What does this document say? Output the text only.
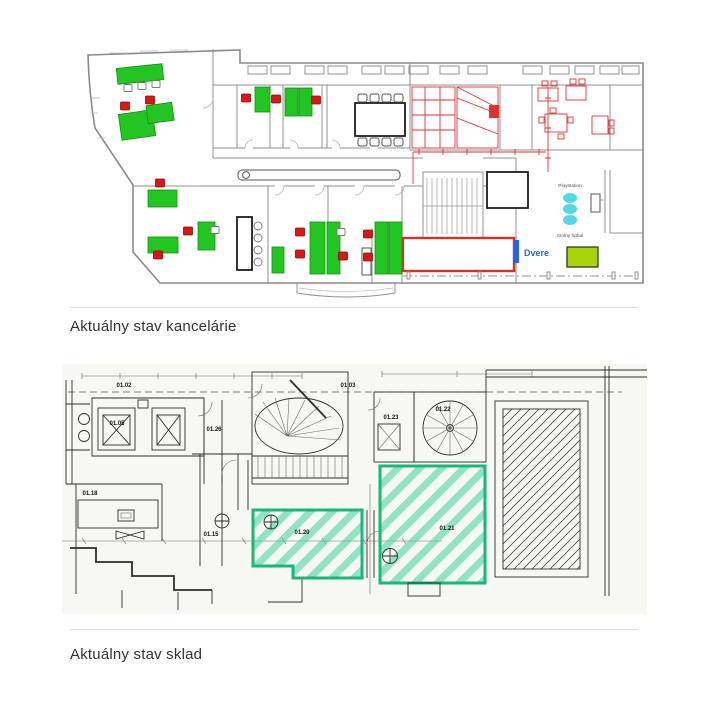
Playstation
Stolny futbal
Dvere
Aktuálny stav kancelárie
01.02
01.05
01.26
01.03
01.22
01.23
01.18
01.15	01.20
01.21
Aktuálny stav sklad
